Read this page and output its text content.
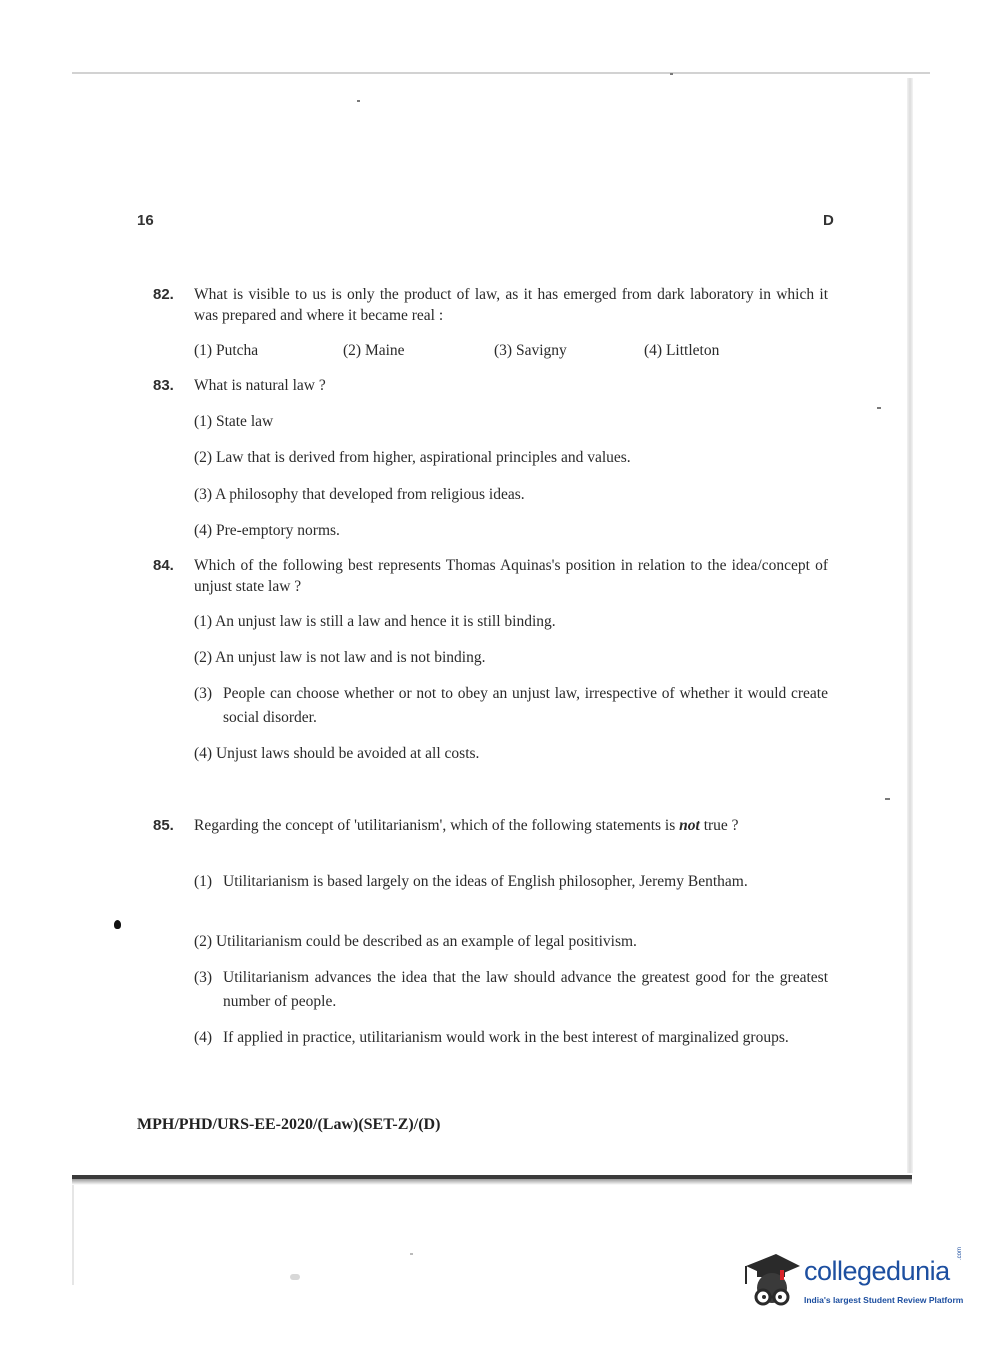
16	D
82. What is visible to us is only the product of law, as it has emerged from dark laboratory in which it was prepared and where it became real :
(1) Putcha	(2) Maine	(3) Savigny	(4) Littleton
83. What is natural law ?
(1) State law
(2) Law that is derived from higher, aspirational principles and values.
(3) A philosophy that developed from religious ideas.
(4) Pre-emptory norms.
84. Which of the following best represents Thomas Aquinas's position in relation to the idea/concept of unjust state law ?
(1) An unjust law is still a law and hence it is still binding.
(2) An unjust law is not law and is not binding.
(3) People can choose whether or not to obey an unjust law, irrespective of whether it would create social disorder.
(4) Unjust laws should be avoided at all costs.
85. Regarding the concept of 'utilitarianism', which of the following statements is not true ?
(1) Utilitarianism is based largely on the ideas of English philosopher, Jeremy Bentham.
(2) Utilitarianism could be described as an example of legal positivism.
(3) Utilitarianism advances the idea that the law should advance the greatest good for the greatest number of people.
(4) If applied in practice, utilitarianism would work in the best interest of marginalized groups.
MPH/PHD/URS-EE-2020/(Law)(SET-Z)/(D)
collegedunia
.com
India's largest Student Review Platform
